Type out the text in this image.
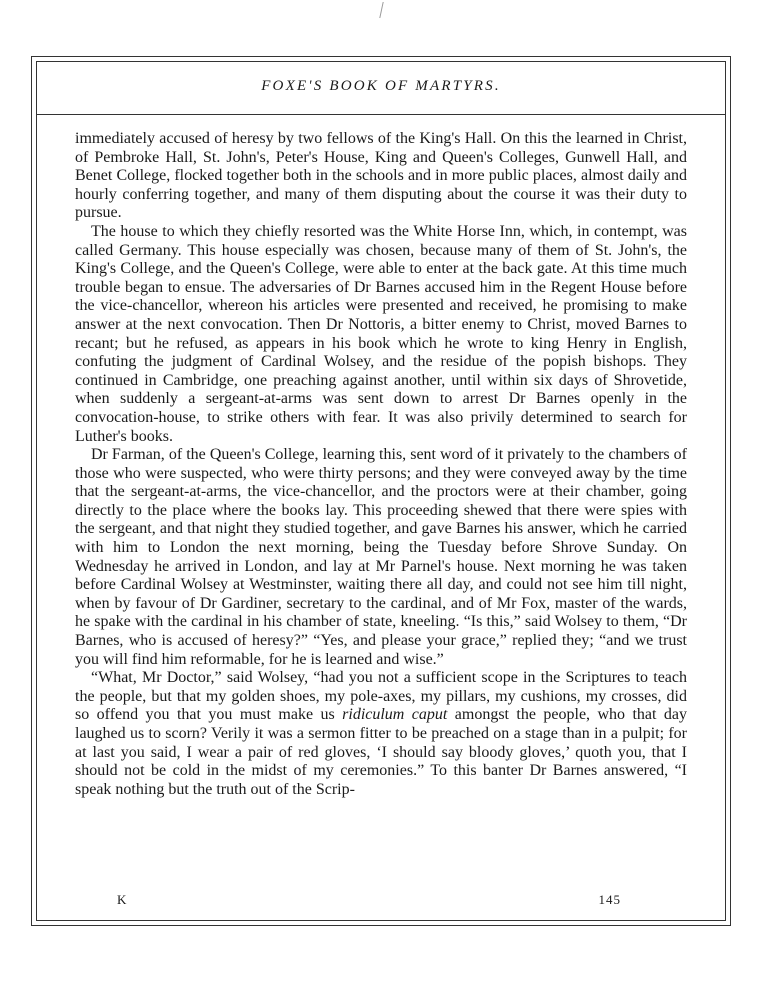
FOXE'S BOOK OF MARTYRS.

immediately accused of heresy by two fellows of the King's Hall. On this the learned in Christ, of Pembroke Hall, St. John's, Peter's House, King and Queen's Colleges, Gunwell Hall, and Benet College, flocked together both in the schools and in more public places, almost daily and hourly conferring together, and many of them disputing about the course it was their duty to pursue.

The house to which they chiefly resorted was the White Horse Inn, which, in contempt, was called Germany. This house especially was chosen, because many of them of St. John's, the King's College, and the Queen's College, were able to enter at the back gate. At this time much trouble began to ensue. The adversaries of Dr Barnes accused him in the Regent House before the vice-chancellor, whereon his articles were presented and received, he promising to make answer at the next convocation. Then Dr Nottoris, a bitter enemy to Christ, moved Barnes to recant; but he refused, as appears in his book which he wrote to king Henry in English, confuting the judgment of Cardinal Wolsey, and the residue of the popish bishops. They continued in Cambridge, one preaching against another, until within six days of Shrovetide, when suddenly a sergeant-at-arms was sent down to arrest Dr Barnes openly in the convocation-house, to strike others with fear. It was also privily determined to search for Luther's books.

Dr Farman, of the Queen's College, learning this, sent word of it privately to the chambers of those who were suspected, who were thirty persons; and they were conveyed away by the time that the sergeant-at-arms, the vice-chancellor, and the proctors were at their chamber, going directly to the place where the books lay. This proceeding shewed that there were spies with the sergeant, and that night they studied together, and gave Barnes his answer, which he carried with him to London the next morning, being the Tuesday before Shrove Sunday. On Wednesday he arrived in London, and lay at Mr Parnel's house. Next morning he was taken before Cardinal Wolsey at Westminster, waiting there all day, and could not see him till night, when by favour of Dr Gardiner, secretary to the cardinal, and of Mr Fox, master of the wards, he spake with the cardinal in his chamber of state, kneeling. “Is this,” said Wolsey to them, “Dr Barnes, who is accused of heresy?” “Yes, and please your grace,” replied they; “and we trust you will find him reformable, for he is learned and wise.”

“What, Mr Doctor,” said Wolsey, “had you not a sufficient scope in the Scriptures to teach the people, but that my golden shoes, my pole-axes, my pillars, my cushions, my crosses, did so offend you that you must make us ridiculum caput amongst the people, who that day laughed us to scorn? Verily it was a sermon fitter to be preached on a stage than in a pulpit; for at last you said, I wear a pair of red gloves, ‘I should say bloody gloves,’ quoth you, that I should not be cold in the midst of my ceremonies.” To this banter Dr Barnes answered, “I speak nothing but the truth out of the Scrip-

K	145
